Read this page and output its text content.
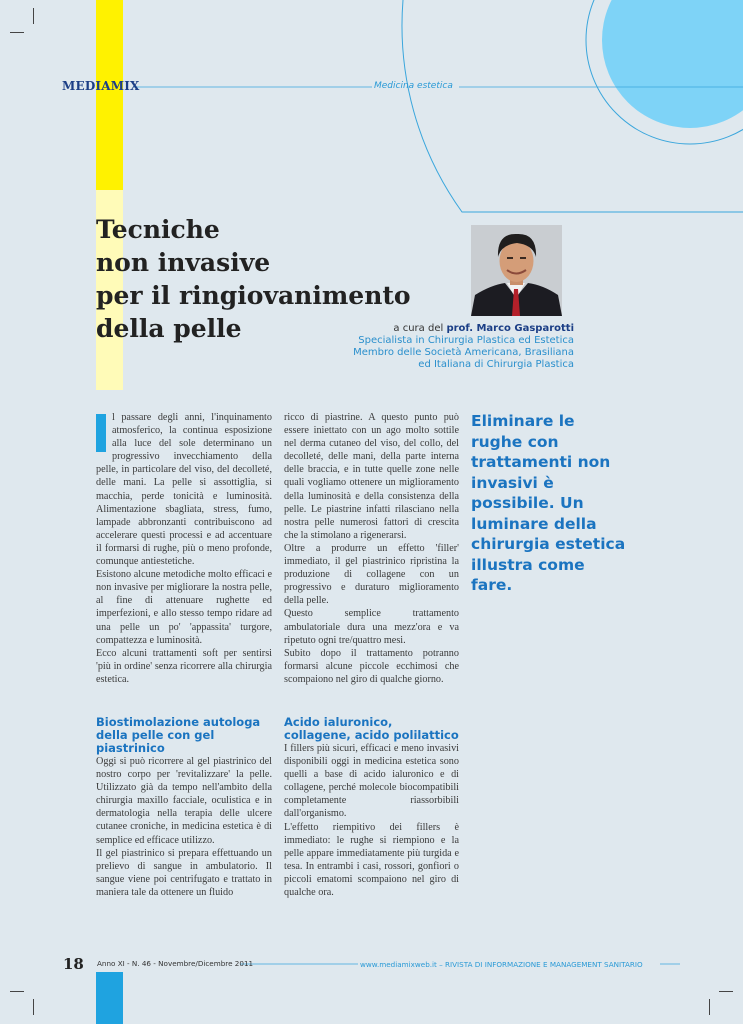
MEDIAMIX	Medicina estetica
Tecniche
non invasive
per il ringiovanimento
della pelle	a cura del prof. Marco Gasparotti
Specialista in Chirurgia Plastica ed Estetica
Membro delle Società Americana, Brasiliana
ed Italiana di Chirurgia Plastica

l passare degli anni, l'inquinamento atmosferico, la continua esposizione alla luce del sole determinano un progressivo invecchiamento della pelle, in particolare del viso, del decolleté, delle mani. La pelle si assottiglia, si macchia, perde tonicità e luminosità. Alimentazione sbagliata, stress, fumo, lampade abbronzanti contribuiscono ad accelerare questi processi e ad accentuare il formarsi di rughe, più o meno profonde, comunque antiestetiche.

Esistono alcune metodiche molto efficaci e non invasive per migliorare la nostra pelle, al fine di attenuare rughette ed imperfezioni, e allo stesso tempo ridare ad una pelle un po' 'appassita' turgore, compattezza e luminosità.

Ecco alcuni trattamenti soft per sentirsi 'più in ordine' senza ricorrere alla chirurgia estetica.

ricco di piastrine. A questo punto può essere iniettato con un ago molto sottile nel derma cutaneo del viso, del collo, del decolleté, delle mani, della parte interna delle braccia, e in tutte quelle zone nelle quali vogliamo ottenere un miglioramento della luminosità e della consistenza della pelle. Le piastrine infatti rilasciano nella nostra pelle numerosi fattori di crescita che la stimolano a rigenerarsi.

Oltre a produrre un effetto 'filler' immediato, il gel piastrinico ripristina la produzione di collagene con un progressivo e duraturo miglioramento della pelle.

Questo semplice trattamento ambulatoriale dura una mezz'ora e va ripetuto ogni tre/quattro mesi.

Subito dopo il trattamento potranno formarsi alcune piccole ecchimosi che scompaiono nel giro di qualche giorno.

Eliminare le rughe con trattamenti non invasivi è possibile. Un luminare della chirurgia estetica illustra come fare.

Biostimolazione autologa della pelle con gel piastrinico
Acido ialuronico, collagene, acido polilattico

Oggi si può ricorrere al gel piastrinico del nostro corpo per 'revitalizzare' la pelle. Utilizzato già da tempo nell'ambito della chirurgia maxillo facciale, oculistica e in dermatologia nella terapia delle ulcere cutanee croniche, in medicina estetica è di semplice ed efficace utilizzo.

Il gel piastrinico si prepara effettuando un prelievo di sangue in ambulatorio. Il sangue viene poi centrifugato e trattato in maniera tale da ottenere un fluido

I fillers più sicuri, efficaci e meno invasivi disponibili oggi in medicina estetica sono quelli a base di acido ialuronico e di collagene, perché molecole biocompatibili completamente riassorbibili dall'organismo.

L'effetto riempitivo dei fillers è immediato: le rughe si riempiono e la pelle appare immediatamente più turgida e tesa. In entrambi i casi, rossori, gonfiori o piccoli ematomi scompaiono nel giro di qualche ora.

18 Anno XI - N. 46 - Novembre/Dicembre 2011	www.mediamixweb.it – RIVISTA DI INFORMAZIONE E MANAGEMENT SANITARIO
